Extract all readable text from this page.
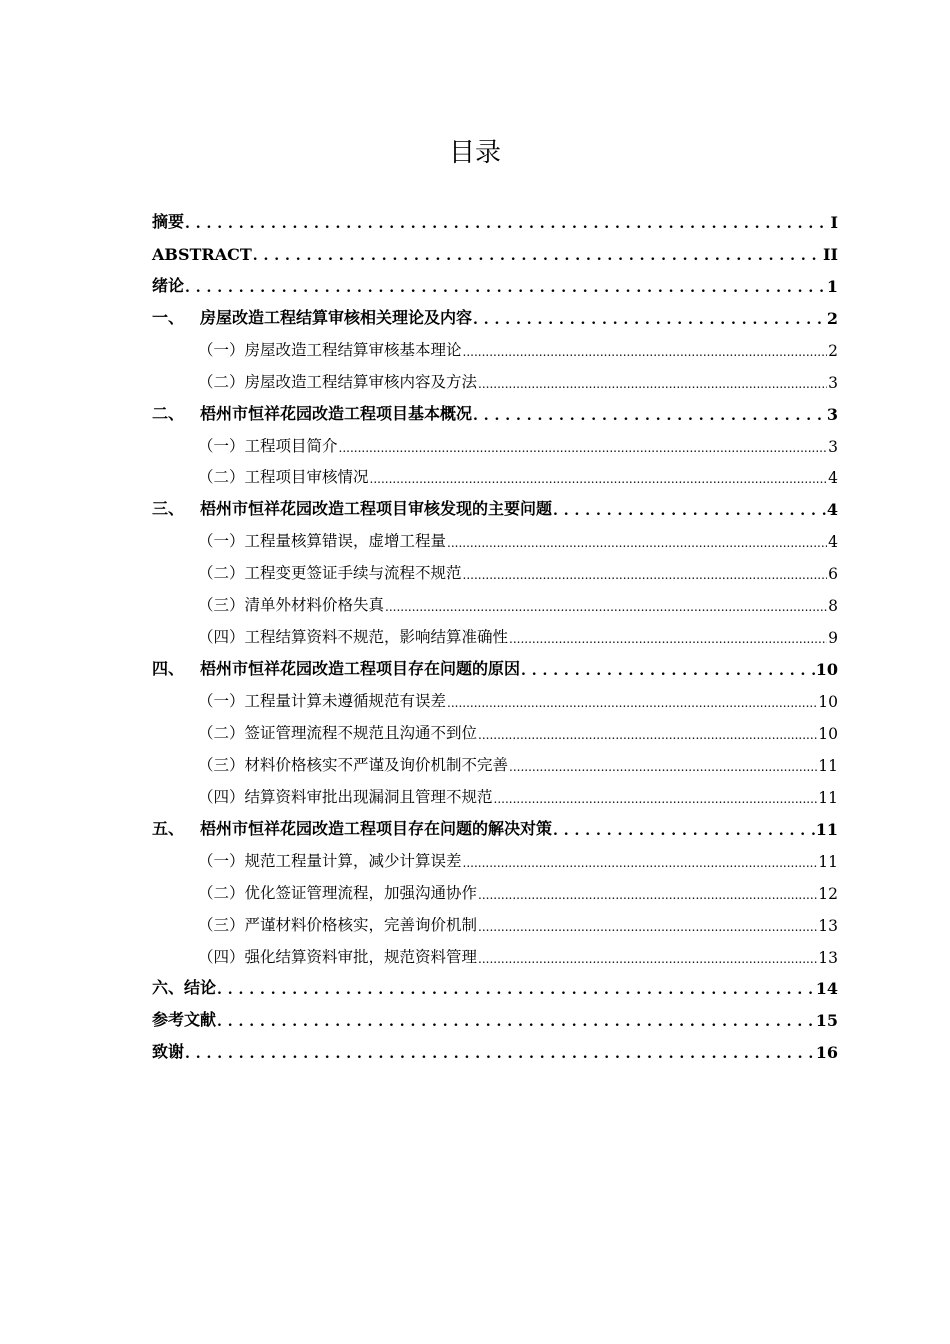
目录
摘要 . . .	I
ABSTRACT . . .	II
绪论 . . .	1
一、 房屋改造工程结算审核相关理论及内容 . . .	2
（一）房屋改造工程结算审核基本理论 .....	2
（二）房屋改造工程结算审核内容及方法 .....	3
二、 梧州市恒祥花园改造工程项目基本概况 . . .	3
（一）工程项目简介 .....	3
（二）工程项目审核情况 .....	4
三、 梧州市恒祥花园改造工程项目审核发现的主要问题 . . .	4
（一）工程量核算错误，虚增工程量 .....	4
（二）工程变更签证手续与流程不规范 .....	6
（三）清单外材料价格失真 .....	8
（四）工程结算资料不规范，影响结算准确性 .....	9
四、 梧州市恒祥花园改造工程项目存在问题的原因 . . .	10
（一）工程量计算未遵循规范有误差 .....	10
（二）签证管理流程不规范且沟通不到位 .....	10
（三）材料价格核实不严谨及询价机制不完善 .....	11
（四）结算资料审批出现漏洞且管理不规范 .....	11
五、 梧州市恒祥花园改造工程项目存在问题的解决对策 . . .	11
（一）规范工程量计算，减少计算误差 .....	11
（二）优化签证管理流程，加强沟通协作 .....	12
（三）严谨材料价格核实，完善询价机制 .....	13
（四）强化结算资料审批，规范资料管理 .....	13
六、结论 . . .	14
参考文献 . . .	15
致谢 . . .	16
